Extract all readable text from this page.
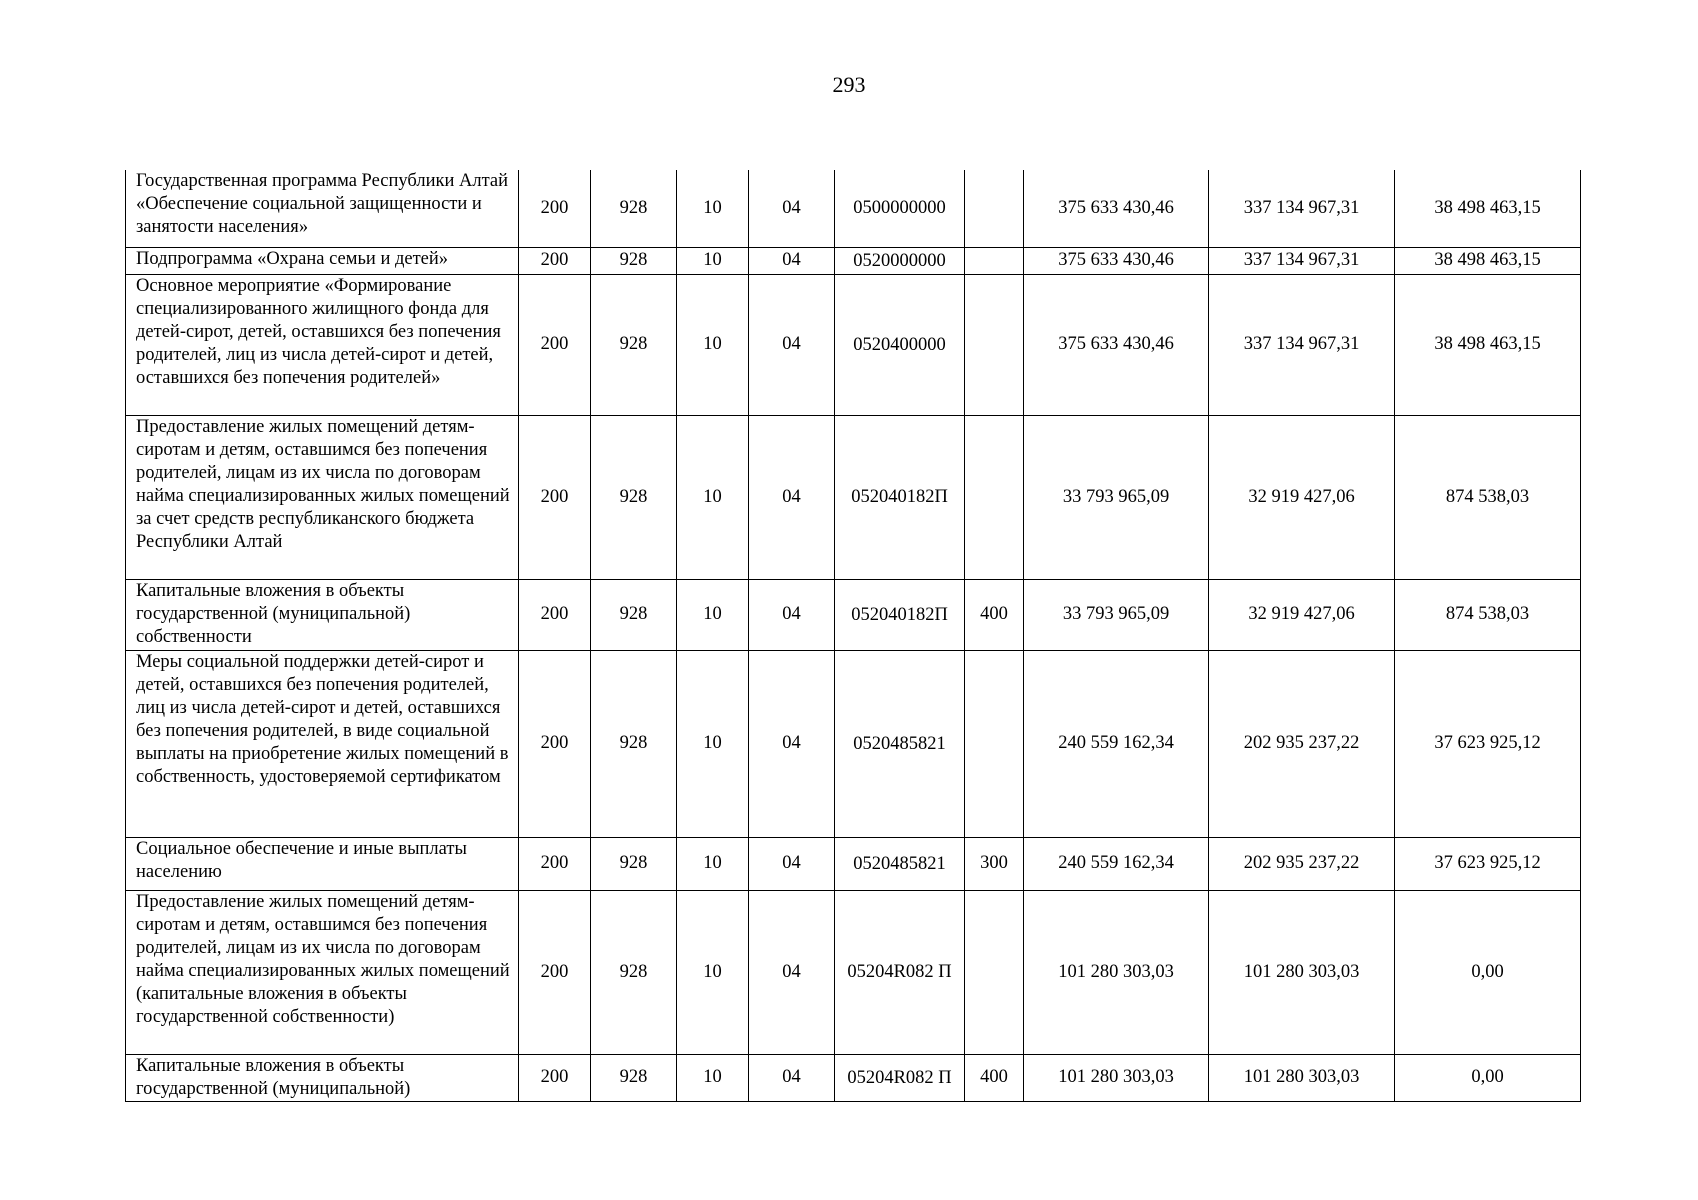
293
Государственная программа Республики Алтай «Обеспечение социальной защищенности и занятости населения»	200	928	10	04	0500000000		375 633 430,46	337 134 967,31	38 498 463,15
Подпрограмма «Охрана семьи и детей»	200	928	10	04	0520000000		375 633 430,46	337 134 967,31	38 498 463,15
Основное мероприятие «Формирование специализированного жилищного фонда для детей-сирот, детей, оставшихся без попечения родителей, лиц из числа детей-сирот и детей, оставшихся без попечения родителей»	200	928	10	04	0520400000		375 633 430,46	337 134 967,31	38 498 463,15
Предоставление жилых помещений детям-сиротам и детям, оставшимся без попечения родителей, лицам из их числа по договорам найма специализированных жилых помещений за счет средств республиканского бюджета Республики Алтай	200	928	10	04	052040182П		33 793 965,09	32 919 427,06	874 538,03
Капитальные вложения в объекты государственной (муниципальной) собственности	200	928	10	04	052040182П	400	33 793 965,09	32 919 427,06	874 538,03
Меры социальной поддержки детей-сирот и детей, оставшихся без попечения родителей, лиц из числа детей-сирот и детей, оставшихся без попечения родителей, в виде социальной выплаты на приобретение жилых помещений в собственность, удостоверяемой сертификатом	200	928	10	04	0520485821		240 559 162,34	202 935 237,22	37 623 925,12
Социальное обеспечение и иные выплаты населению	200	928	10	04	0520485821	300	240 559 162,34	202 935 237,22	37 623 925,12
Предоставление жилых помещений детям-сиротам и детям, оставшимся без попечения родителей, лицам из их числа по договорам найма специализированных жилых помещений (капитальные вложения в объекты государственной собственности)	200	928	10	04	05204R082 П		101 280 303,03	101 280 303,03	0,00
Капитальные вложения в объекты государственной (муниципальной)	200	928	10	04	05204R082 П	400	101 280 303,03	101 280 303,03	0,00
